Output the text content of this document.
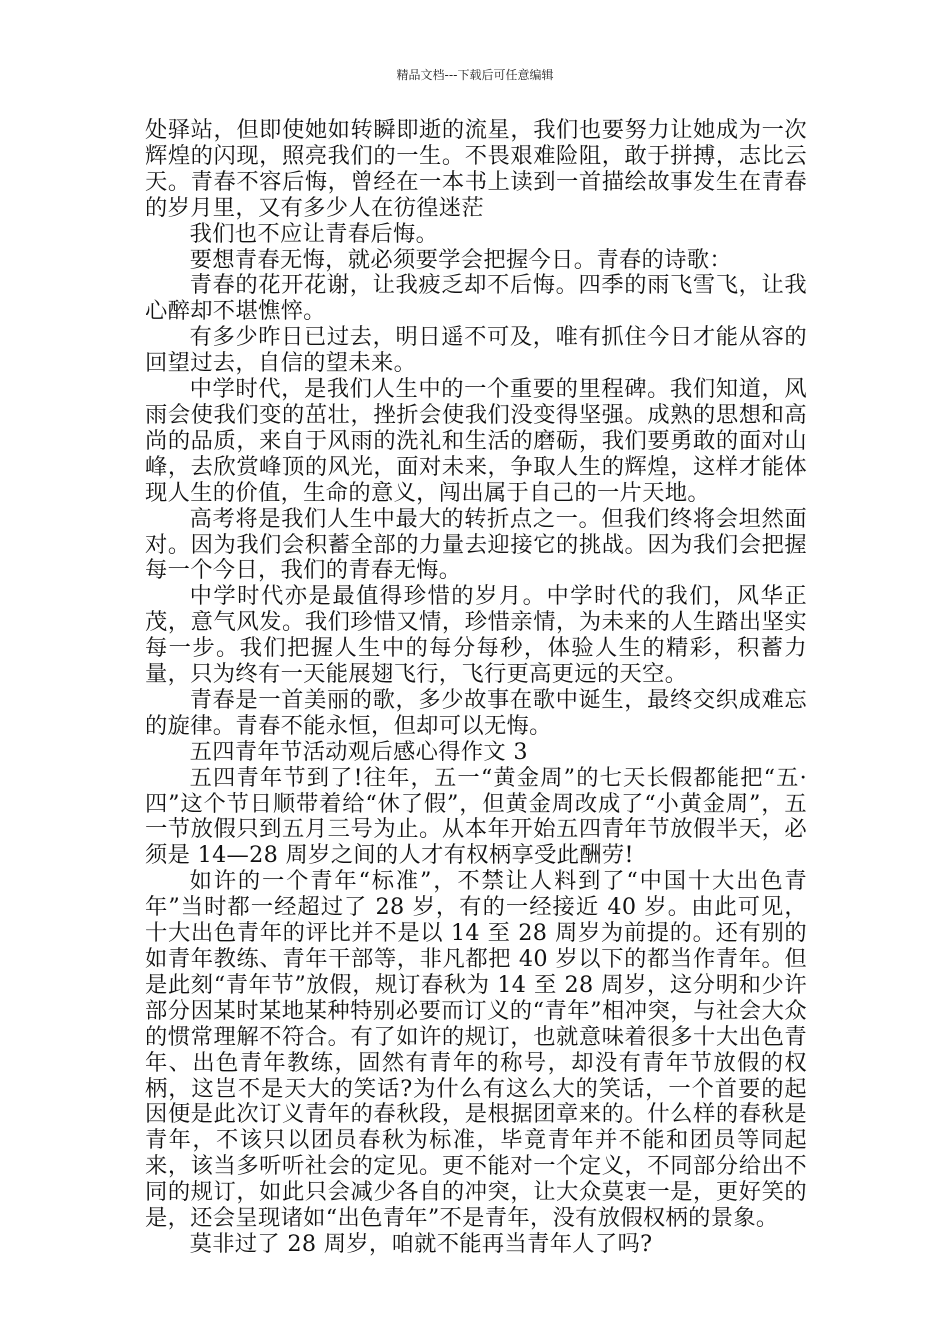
精品文档---下载后可任意编辑

处驿站，但即使她如转瞬即逝的流星，我们也要努力让她成为一次辉煌的闪现，照亮我们的一生。不畏艰难险阻，敢于拼搏，志比云天。青春不容后悔，曾经在一本书上读到一首描绘故事发生在青春的岁月里，又有多少人在彷徨迷茫

我们也不应让青春后悔。

要想青春无悔，就必须要学会把握今日。青春的诗歌：

青春的花开花谢，让我疲乏却不后悔。四季的雨飞雪飞，让我心醉却不堪憔悴。

有多少昨日已过去，明日遥不可及，唯有抓住今日才能从容的回望过去，自信的望未来。

中学时代，是我们人生中的一个重要的里程碑。我们知道，风雨会使我们变的茁壮，挫折会使我们没变得坚强。成熟的思想和高尚的品质，来自于风雨的洗礼和生活的磨砺，我们要勇敢的面对山峰，去欣赏峰顶的风光，面对未来，争取人生的辉煌，这样才能体现人生的价值，生命的意义，闯出属于自己的一片天地。

高考将是我们人生中最大的转折点之一。但我们终将会坦然面对。因为我们会积蓄全部的力量去迎接它的挑战。因为我们会把握每一个今日，我们的青春无悔。

中学时代亦是最值得珍惜的岁月。中学时代的我们，风华正茂，意气风发。我们珍惜又情，珍惜亲情，为未来的人生踏出坚实每一步。我们把握人生中的每分每秒，体验人生的精彩，积蓄力量，只为终有一天能展翅飞行，飞行更高更远的天空。

青春是一首美丽的歌，多少故事在歌中诞生，最终交织成难忘的旋律。青春不能永恒，但却可以无悔。

五四青年节活动观后感心得作文 3

五四青年节到了!往年，五一“黄金周”的七天长假都能把“五·四”这个节日顺带着给“休了假”，但黄金周改成了“小黄金周”，五一节放假只到五月三号为止。从本年开始五四青年节放假半天，必须是 14—28 周岁之间的人才有权柄享受此酬劳!

如许的一个青年“标准”，不禁让人料到了“中国十大出色青年”当时都一经超过了 28 岁，有的一经接近 40 岁。由此可见，十大出色青年的评比并不是以 14 至 28 周岁为前提的。还有别的如青年教练、青年干部等，非凡都把 40 岁以下的都当作青年。但是此刻“青年节”放假，规订春秋为 14 至 28 周岁，这分明和少许部分因某时某地某种特别必要而订义的“青年”相冲突，与社会大众的惯常理解不符合。有了如许的规订，也就意味着很多十大出色青年、出色青年教练，固然有青年的称号，却没有青年节放假的权柄，这岂不是天大的笑话?为什么有这么大的笑话，一个首要的起因便是此次订义青年的春秋段，是根据团章来的。什么样的春秋是青年，不该只以团员春秋为标准，毕竟青年并不能和团员等同起来，该当多听听社会的定见。更不能对一个定义，不同部分给出不同的规订，如此只会减少各自的冲突，让大众莫衷一是，更好笑的是，还会呈现诸如“出色青年”不是青年，没有放假权柄的景象。

莫非过了 28 周岁，咱就不能再当青年人了吗?
